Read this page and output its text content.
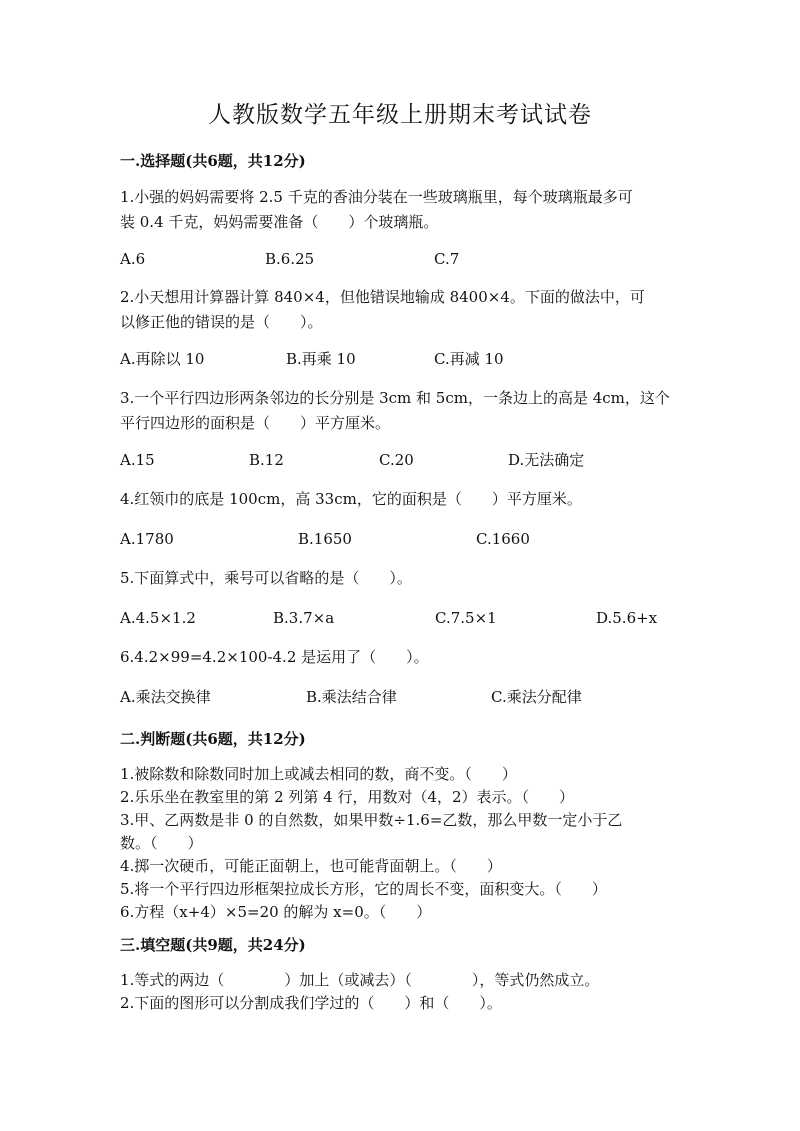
人教版数学五年级上册期末考试试卷
一.选择题(共6题，共12分)

1.小强的妈妈需要将 2.5 千克的香油分装在一些玻璃瓶里，每个玻璃瓶最多可

装 0.4 千克，妈妈需要准备（　　）个玻璃瓶。

A.6	B.6.25	C.7

2.小天想用计算器计算 840×4，但他错误地输成 8400×4。下面的做法中，可

以修正他的错误的是（　　）。

A.再除以 10	B.再乘 10	C.再减 10

3.一个平行四边形两条邻边的长分别是 3cm 和 5cm，一条边上的高是 4cm，这个

平行四边形的面积是（　　）平方厘米。

A.15	B.12	C.20	D.无法确定

4.红领巾的底是 100cm，高 33cm，它的面积是（　　）平方厘米。

A.1780	B.1650	C.1660

5.下面算式中，乘号可以省略的是（　　）。

A.4.5×1.2	B.3.7×a	C.7.5×1	D.5.6+x

6.4.2×99=4.2×100-4.2 是运用了（　　）。

A.乘法交换律	B.乘法结合律	C.乘法分配律

二.判断题(共6题，共12分)

1.被除数和除数同时加上或减去相同的数，商不变。（　　）

2.乐乐坐在教室里的第 2 列第 4 行，用数对（4，2）表示。（　　）

3.甲、乙两数是非 0 的自然数，如果甲数÷1.6=乙数，那么甲数一定小于乙

数。（　　）

4.掷一次硬币，可能正面朝上，也可能背面朝上。（　　）

5.将一个平行四边形框架拉成长方形，它的周长不变，面积变大。（　　）

6.方程（x+4）×5=20 的解为 x=0。（　　）

三.填空题(共9题，共24分)

1.等式的两边（　　　　）加上（或减去）（　　　　），等式仍然成立。

2.下面的图形可以分割成我们学过的（　　）和（　　）。
